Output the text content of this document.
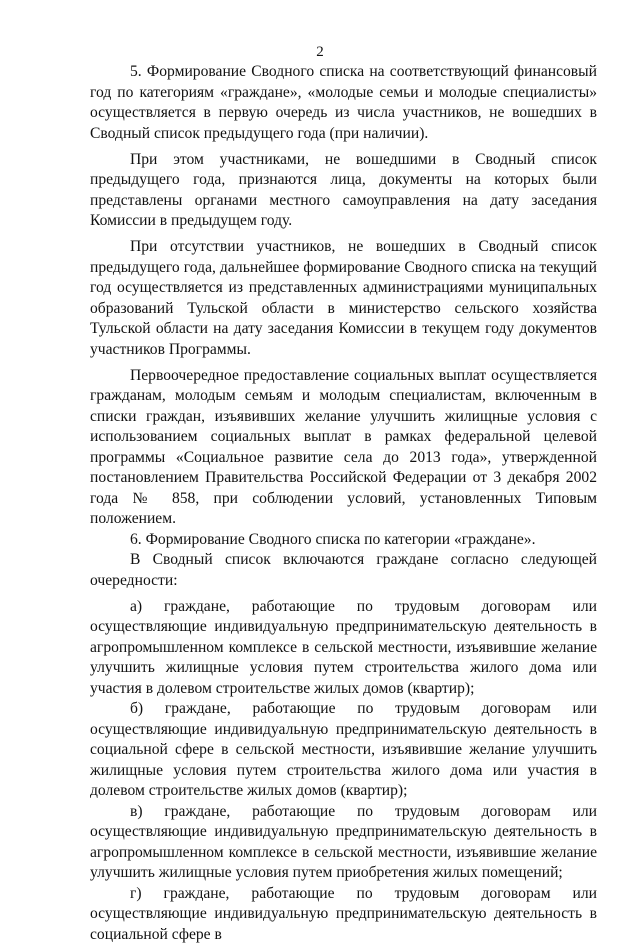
2

5. Формирование Сводного списка на соответствующий финансовый год по категориям «граждане», «молодые семьи и молодые специалисты» осуществляется в первую очередь из числа участников, не вошедших в Сводный список предыдущего года (при наличии).

При этом участниками, не вошедшими в Сводный список предыдущего года, признаются лица, документы на которых были представлены органами местного самоуправления на дату заседания Комиссии в предыдущем году.

При отсутствии участников, не вошедших в Сводный список предыдущего года, дальнейшее формирование Сводного списка на текущий год осуществляется из представленных администрациями муниципальных образований Тульской области в министерство сельского хозяйства Тульской области на дату заседания Комиссии в текущем году документов участников Программы.

Первоочередное предоставление социальных выплат осуществляется гражданам, молодым семьям и молодым специалистам, включенным в списки граждан, изъявивших желание улучшить жилищные условия с использованием социальных выплат в рамках федеральной целевой программы «Социальное развитие села до 2013 года», утвержденной постановлением Правительства Российской Федерации от 3 декабря 2002 года № 858, при соблюдении условий, установленных Типовым положением.

6. Формирование Сводного списка по категории «граждане».

В Сводный список включаются граждане согласно следующей очередности:

а) граждане, работающие по трудовым договорам или осуществляющие индивидуальную предпринимательскую деятельность в агропромышленном комплексе в сельской местности, изъявившие желание улучшить жилищные условия путем строительства жилого дома или участия в долевом строительстве жилых домов (квартир);

б) граждане, работающие по трудовым договорам или осуществляющие индивидуальную предпринимательскую деятельность в социальной сфере в сельской местности, изъявившие желание улучшить жилищные условия путем строительства жилого дома или участия в долевом строительстве жилых домов (квартир);

в) граждане, работающие по трудовым договорам или осуществляющие индивидуальную предпринимательскую деятельность в агропромышленном комплексе в сельской местности, изъявившие желание улучшить жилищные условия путем приобретения жилых помещений;

г) граждане, работающие по трудовым договорам или осуществляющие индивидуальную предпринимательскую деятельность в социальной сфере в
